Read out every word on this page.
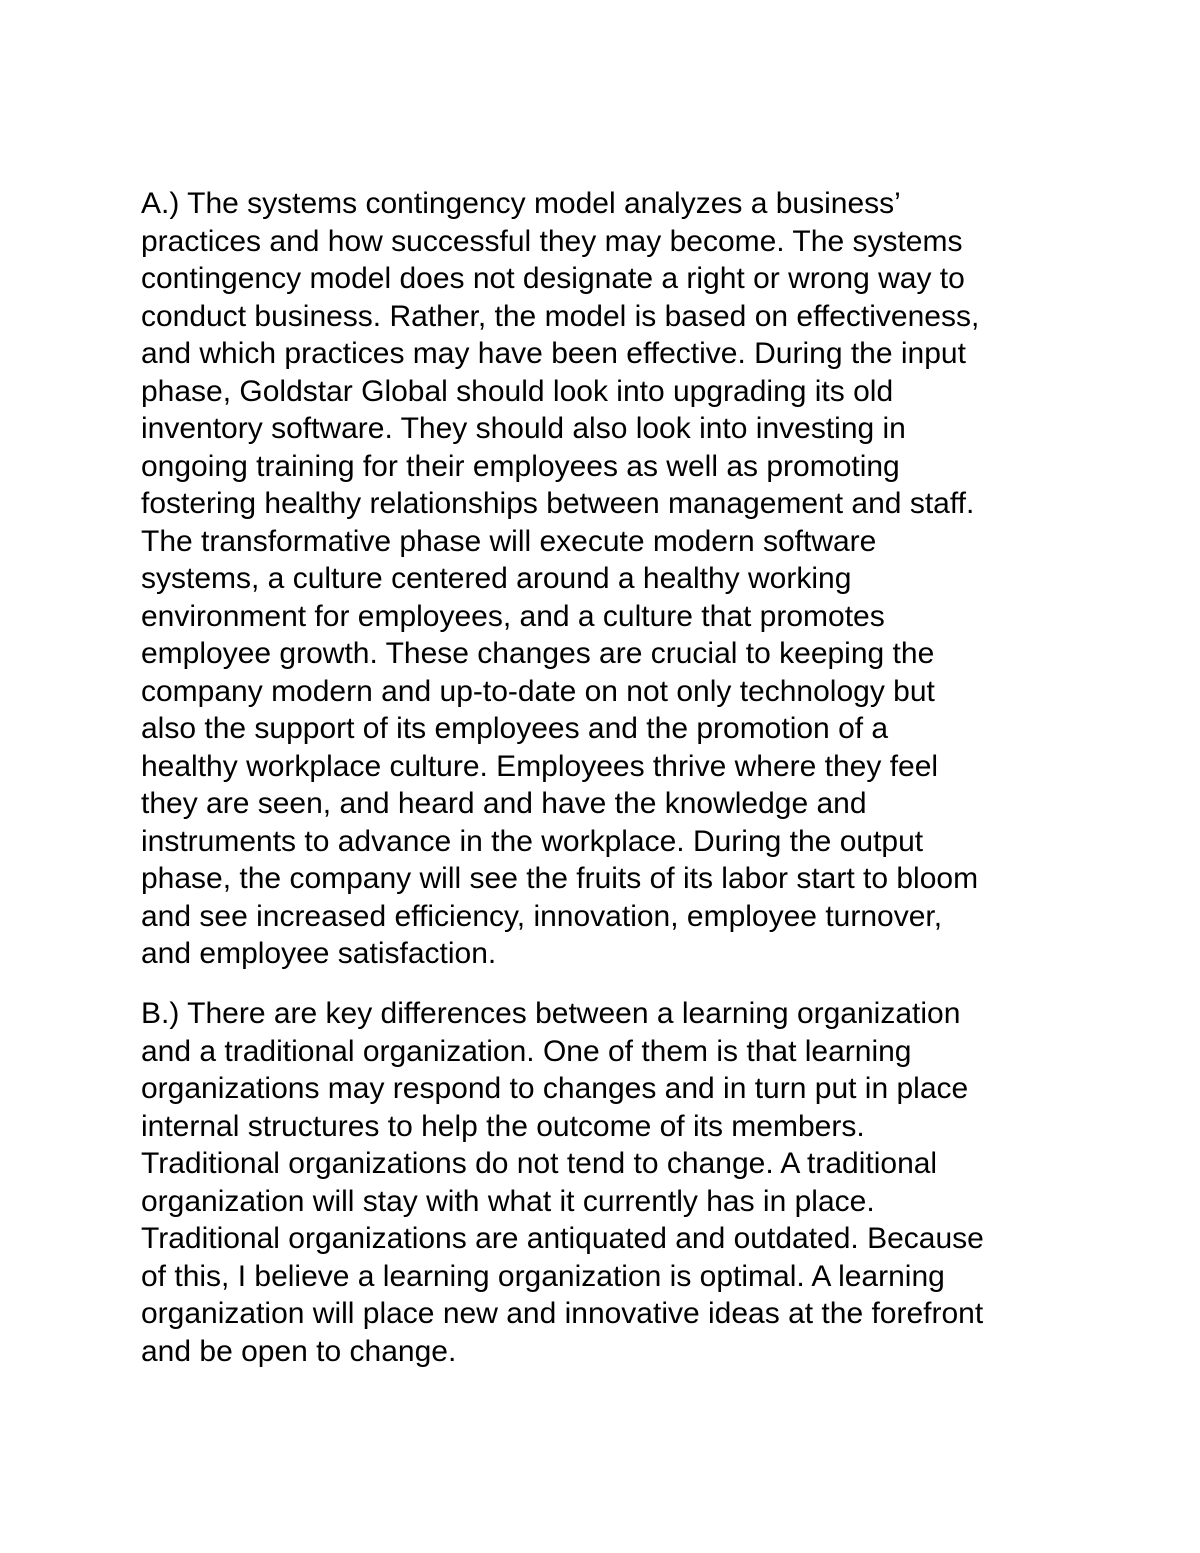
A.) The systems contingency model analyzes a business’
practices and how successful they may become. The systems
contingency model does not designate a right or wrong way to
conduct business. Rather, the model is based on effectiveness,
and which practices may have been effective. During the input
phase, Goldstar Global should look into upgrading its old
inventory software. They should also look into investing in
ongoing training for their employees as well as promoting
fostering healthy relationships between management and staff.
The transformative phase will execute modern software
systems, a culture centered around a healthy working
environment for employees, and a culture that promotes
employee growth. These changes are crucial to keeping the
company modern and up-to-date on not only technology but
also the support of its employees and the promotion of a
healthy workplace culture. Employees thrive where they feel
they are seen, and heard and have the knowledge and
instruments to advance in the workplace. During the output
phase, the company will see the fruits of its labor start to bloom
and see increased efficiency, innovation, employee turnover,
and employee satisfaction.
B.) There are key differences between a learning organization
and a traditional organization. One of them is that learning
organizations may respond to changes and in turn put in place
internal structures to help the outcome of its members.
Traditional organizations do not tend to change. A traditional
organization will stay with what it currently has in place.
Traditional organizations are antiquated and outdated. Because
of this, I believe a learning organization is optimal. A learning
organization will place new and innovative ideas at the forefront
and be open to change.
